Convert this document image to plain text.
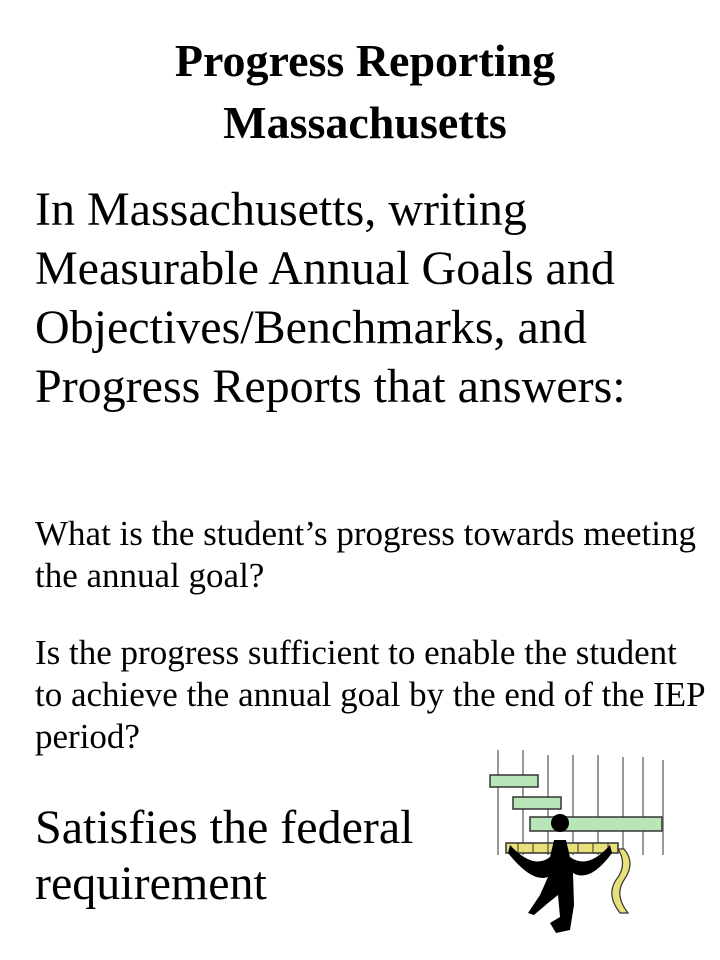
Progress Reporting
Massachusetts
In Massachusetts, writing Measurable Annual Goals and Objectives/Benchmarks, and Progress Reports that answers:
What is the student’s progress towards meeting the annual goal?
Is the progress sufficient to enable the student to achieve the annual goal by the end of the IEP period?
Satisfies the federal requirement
